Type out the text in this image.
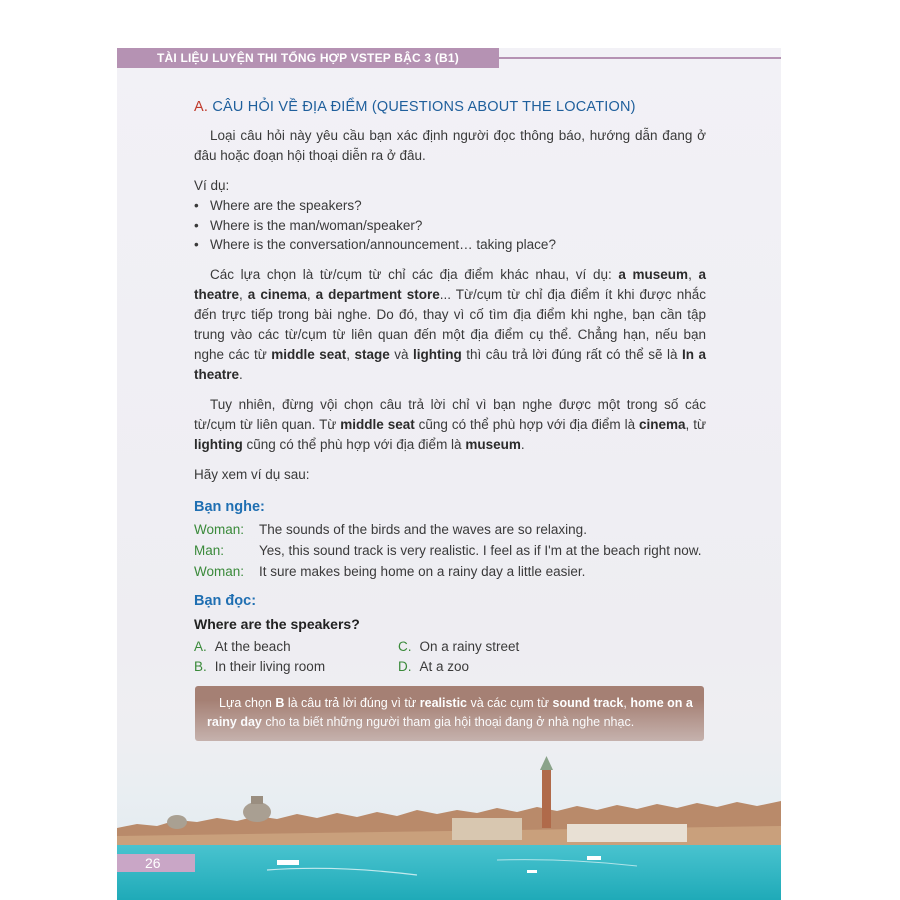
TÀI LIỆU LUYỆN THI TỔNG HỢP VSTEP BẬC 3 (B1)
A. CÂU HỎI VỀ ĐỊA ĐIỂM (QUESTIONS ABOUT THE LOCATION)

Loại câu hỏi này yêu cầu bạn xác định người đọc thông báo, hướng dẫn đang ở đâu hoặc đoạn hội thoại diễn ra ở đâu.

Ví dụ:

• Where are the speakers?
• Where is the man/woman/speaker?
• Where is the conversation/announcement… taking place?

Các lựa chọn là từ/cụm từ chỉ các địa điểm khác nhau, ví dụ: a museum, a theatre, a cinema, a department store... Từ/cụm từ chỉ địa điểm ít khi được nhắc đến trực tiếp trong bài nghe. Do đó, thay vì cố tìm địa điểm khi nghe, bạn cần tập trung vào các từ/cụm từ liên quan đến một địa điểm cụ thể. Chẳng hạn, nếu bạn nghe các từ middle seat, stage và lighting thì câu trả lời đúng rất có thể sẽ là In a theatre.

Tuy nhiên, đừng vội chọn câu trả lời chỉ vì bạn nghe được một trong số các từ/cụm từ liên quan. Từ middle seat cũng có thể phù hợp với địa điểm là cinema, từ lighting cũng có thể phù hợp với địa điểm là museum.

Hãy xem ví dụ sau:

Bạn nghe:
Woman:	The sounds of the birds and the waves are so relaxing.
Man:	Yes, this sound track is very realistic. I feel as if I'm at the beach right now.
Woman:	It sure makes being home on a rainy day a little easier.
Bạn đọc:
Where are the speakers?
A. At the beach	C. On a rainy street
B. In their living room	D. At a zoo
26
